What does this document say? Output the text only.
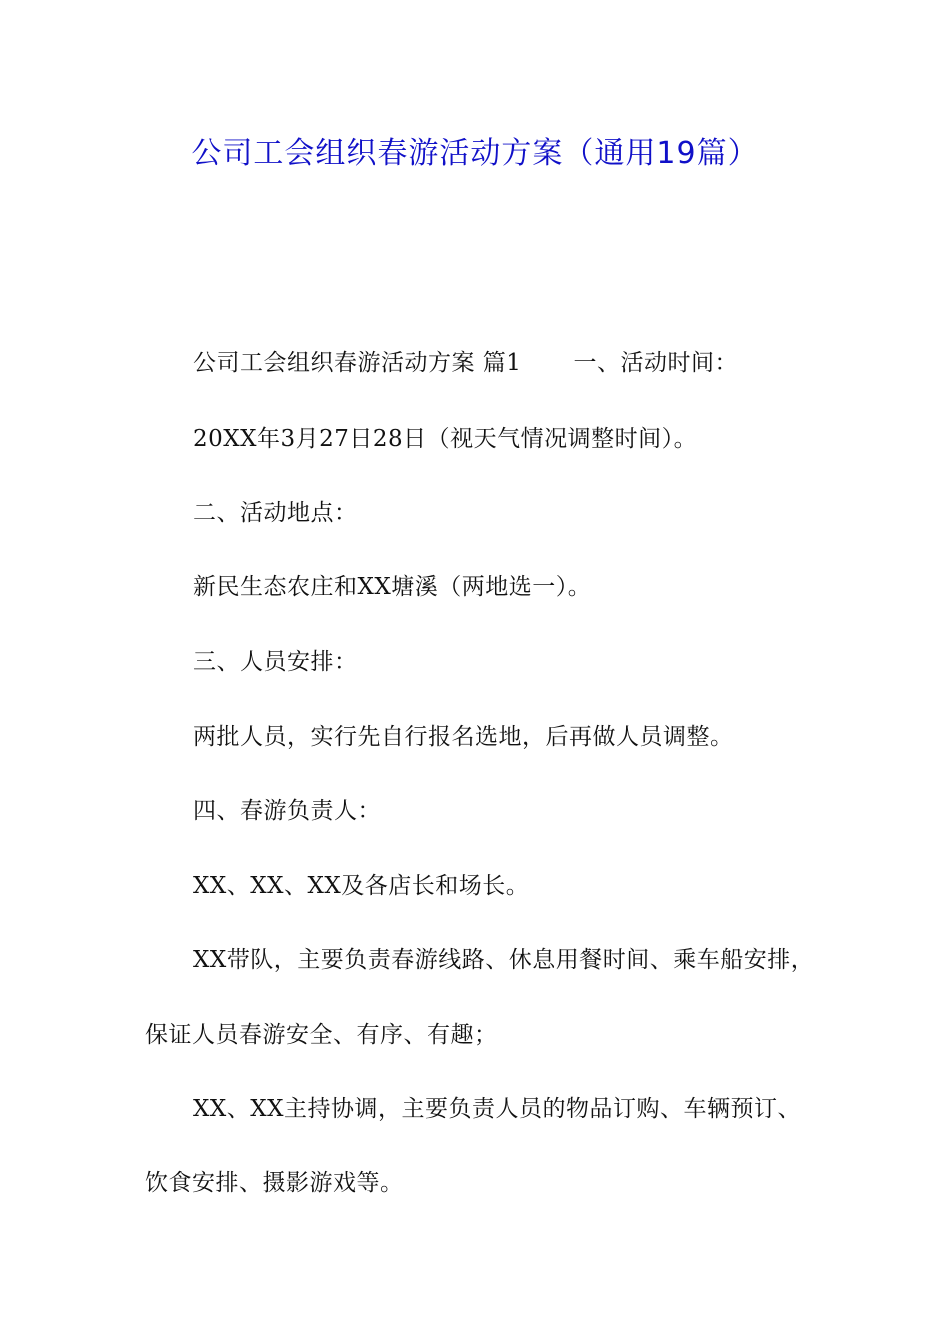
公司工会组织春游活动方案（通用19篇）
公司工会组织春游活动方案 篇1 一、活动时间：
20XX年3月27日28日（视天气情况调整时间）。
二、活动地点：
新民生态农庄和XX塘溪（两地选一）。
三、人员安排：
两批人员，实行先自行报名选地，后再做人员调整。
四、春游负责人：
XX、XX、XX及各店长和场长。
XX带队，主要负责春游线路、休息用餐时间、乘车船安排，
保证人员春游安全、有序、有趣；
XX、XX主持协调，主要负责人员的物品订购、车辆预订、
饮食安排、摄影游戏等。
